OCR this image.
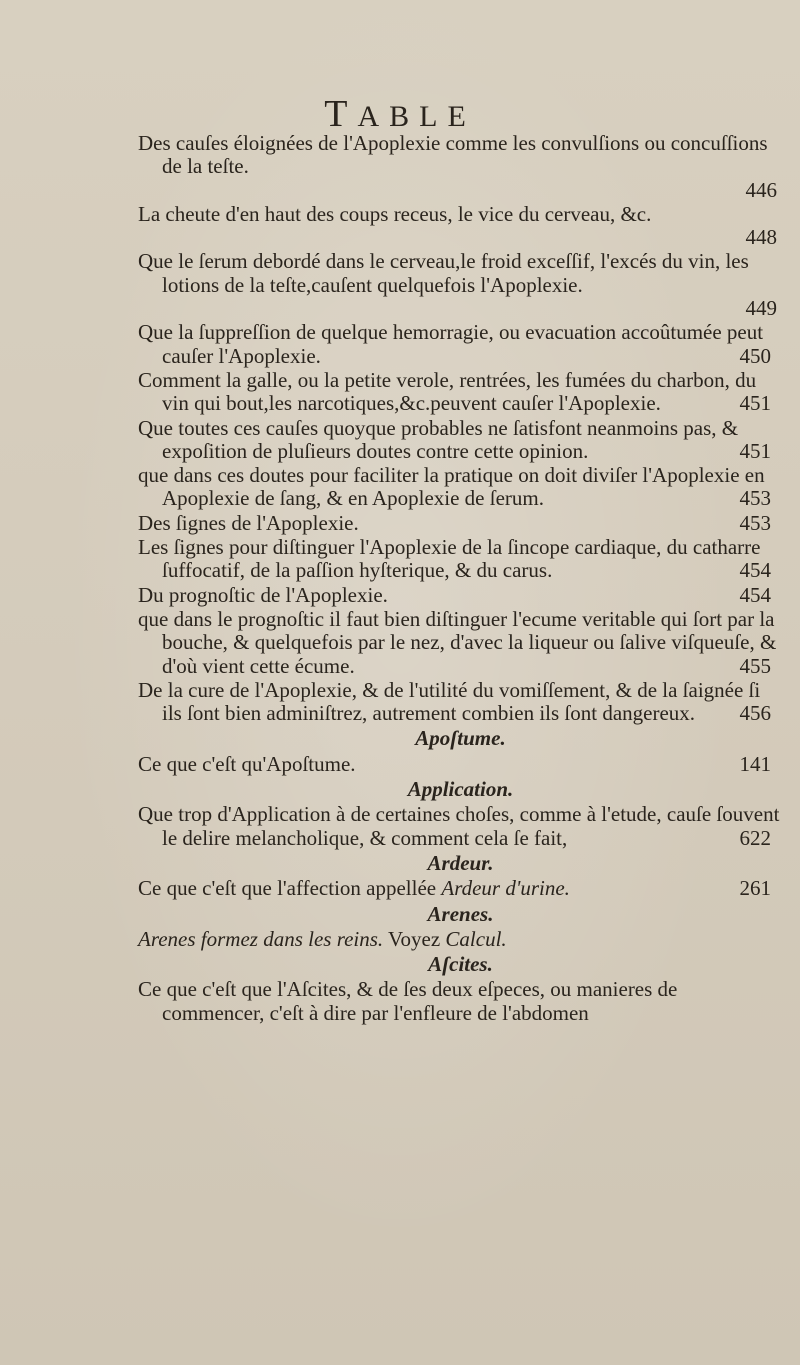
TABLE
Des cauſes éloignées de l'Apoplexie comme les convulſions ou concuſſions de la teſte.
446
La cheute d'en haut des coups receus, le vice du cerveau, &c.
448
Que le ſerum debordé dans le cerveau,le froid exceſſif, l'excés du vin, les lotions de la teſte,cauſent quelquefois l'Apoplexie.
449
Que la ſuppreſſion de quelque hemorragie, ou evacuation accoûtumée peut cauſer l'Apoplexie.	450
Comment la galle, ou la petite verole, rentrées, les fumées du charbon, du vin qui bout,les narcotiques,&c.peuvent cauſer l'Apoplexie.	451
Que toutes ces cauſes quoyque probables ne ſatisfont neanmoins pas, & expoſition de pluſieurs doutes contre cette opinion.	451
que dans ces doutes pour faciliter la pratique on doit diviſer l'Apoplexie en Apoplexie de ſang, & en Apoplexie de ſerum.	453
Des ſignes de l'Apoplexie.	453
Les ſignes pour diſtinguer l'Apoplexie de la ſincope cardiaque, du catharre ſuffocatif, de la paſſion hyſterique, & du carus.	454
Du prognoſtic de l'Apoplexie.	454
que dans le prognoſtic il faut bien diſtinguer l'ecume veritable qui ſort par la bouche, & quelquefois par le nez, d'avec la liqueur ou ſalive viſqueuſe, & d'où vient cette écume.	455
De la cure de l'Apoplexie, & de l'utilité du vomiſſement, & de la ſaignée ſi ils ſont bien adminiſtrez, autrement combien ils ſont dangereux. 456
Apoſtume.
Ce que c'eſt qu'Apoſtume.	141
Application.
Que trop d'Application à de certaines choſes, comme à l'etude, cauſe ſouvent le delire melancholique, & comment cela ſe fait,	622
Ardeur.
Ce que c'eſt que l'affection appellée Ardeur d'urine.	261
Arenes.
Arenes formez dans les reins. Voyez Calcul.
Aſcites.
Ce que c'eſt que l'Aſcites, & de ſes deux eſpeces, ou manieres de commencer, c'eſt à dire par l'enfleure de l'abdomen
